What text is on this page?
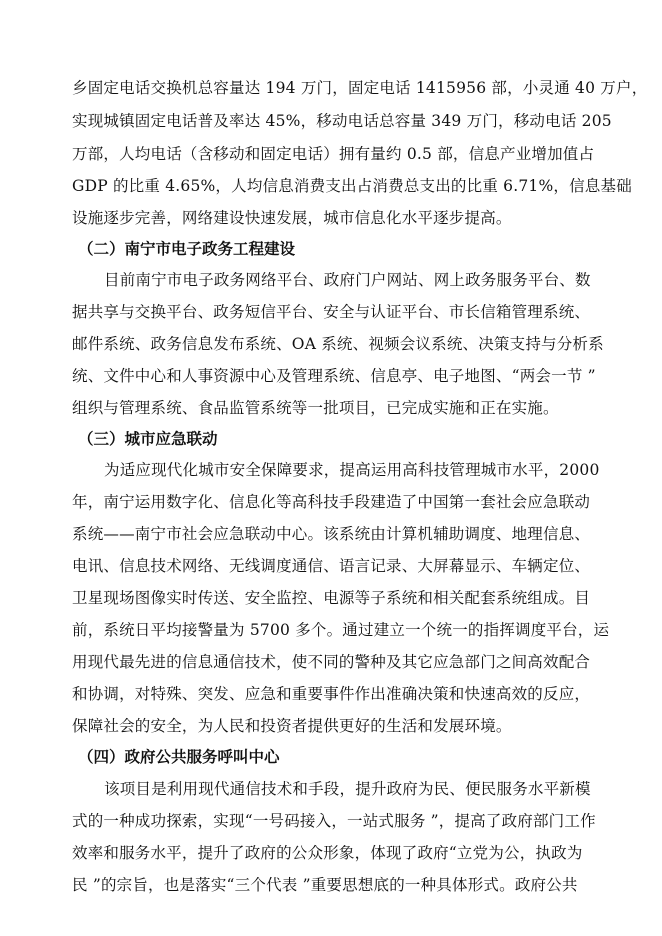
乡固定电话交换机总容量达 194 万门，固定电话 1415956 部，小灵通 40 万户，
实现城镇固定电话普及率达 45%，移动电话总容量 349 万门，移动电话 205
万部，人均电话（含移动和固定电话）拥有量约 0.5 部，信息产业增加值占
GDP 的比重 4.65%，人均信息消费支出占消费总支出的比重 6.71%，信息基础
设施逐步完善，网络建设快速发展，城市信息化水平逐步提高。
（二）南宁市电子政务工程建设
目前南宁市电子政务网络平台、政府门户网站、网上政务服务平台、数
据共享与交换平台、政务短信平台、安全与认证平台、市长信箱管理系统、
邮件系统、政务信息发布系统、OA 系统、视频会议系统、决策支持与分析系
统、文件中心和人事资源中心及管理系统、信息亭、电子地图、“两会一节 ”
组织与管理系统、食品监管系统等一批项目，已完成实施和正在实施。
（三）城市应急联动
为适应现代化城市安全保障要求，提高运用高科技管理城市水平，2000
年，南宁运用数字化、信息化等高科技手段建造了中国第一套社会应急联动
系统——南宁市社会应急联动中心。该系统由计算机辅助调度、地理信息、
电讯、信息技术网络、无线调度通信、语言记录、大屏幕显示、车辆定位、
卫星现场图像实时传送、安全监控、电源等子系统和相关配套系统组成。目
前，系统日平均接警量为 5700 多个。通过建立一个统一的指挥调度平台，运
用现代最先进的信息通信技术，使不同的警种及其它应急部门之间高效配合
和协调，对特殊、突发、应急和重要事件作出准确决策和快速高效的反应，
保障社会的安全，为人民和投资者提供更好的生活和发展环境。
（四）政府公共服务呼叫中心
该项目是利用现代通信技术和手段，提升政府为民、便民服务水平新模
式的一种成功探索，实现“一号码接入，一站式服务 ”，提高了政府部门工作
效率和服务水平，提升了政府的公众形象，体现了政府“立党为公，执政为
民 ”的宗旨，也是落实“三个代表 ”重要思想底的一种具体形式。政府公共
